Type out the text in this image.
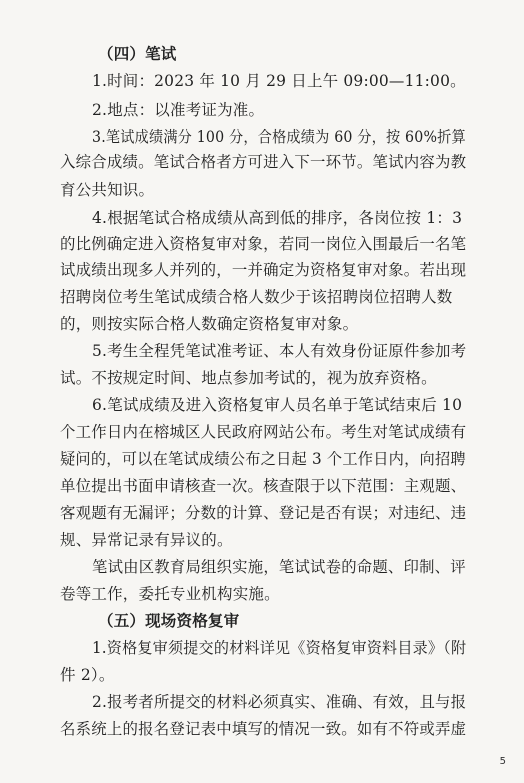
（四）笔试
1.时间：2023 年 10 月 29 日上午 09:00—11:00。
2.地点：以准考证为准。
3.笔试成绩满分 100 分，合格成绩为 60 分，按 60%折算
入综合成绩。笔试合格者方可进入下一环节。笔试内容为教
育公共知识。
4.根据笔试合格成绩从高到低的排序，各岗位按 1：3
的比例确定进入资格复审对象，若同一岗位入围最后一名笔
试成绩出现多人并列的，一并确定为资格复审对象。若出现
招聘岗位考生笔试成绩合格人数少于该招聘岗位招聘人数
的，则按实际合格人数确定资格复审对象。
5.考生全程凭笔试准考证、本人有效身份证原件参加考
试。不按规定时间、地点参加考试的，视为放弃资格。
6.笔试成绩及进入资格复审人员名单于笔试结束后 10
个工作日内在榕城区人民政府网站公布。考生对笔试成绩有
疑问的，可以在笔试成绩公布之日起 3 个工作日内，向招聘
单位提出书面申请核查一次。核查限于以下范围：主观题、
客观题有无漏评；分数的计算、登记是否有误；对违纪、违
规、异常记录有异议的。
笔试由区教育局组织实施，笔试试卷的命题、印制、评
卷等工作，委托专业机构实施。
（五）现场资格复审
1.资格复审须提交的材料详见《资格复审资料目录》（附
件 2）。
2.报考者所提交的材料必须真实、准确、有效，且与报
名系统上的报名登记表中填写的情况一致。如有不符或弄虚
5
